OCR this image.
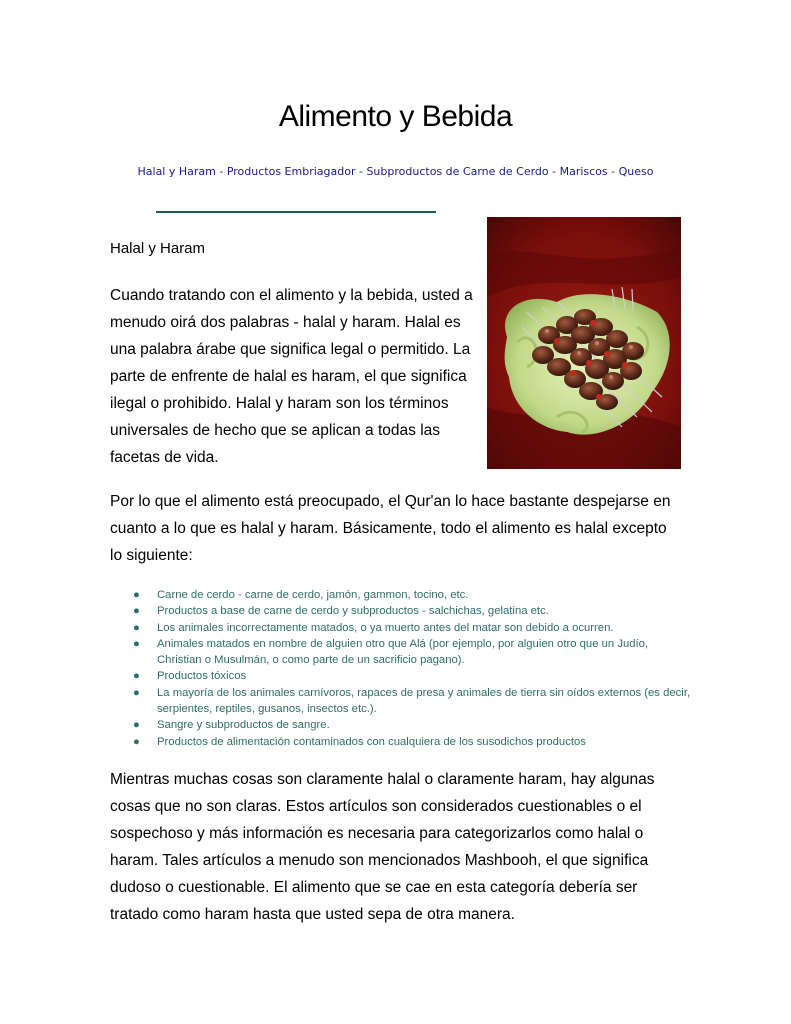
Alimento y Bebida
Halal y Haram - Productos Embriagador - Subproductos de Carne de Cerdo - Mariscos - Queso
Halal y Haram

Cuando tratando con el alimento y la bebida, usted a menudo oirá dos palabras - halal y haram. Halal es una palabra árabe que significa legal o permitido. La parte de enfrente de halal es haram, el que significa ilegal o prohibido. Halal y haram son los términos universales de hecho que se aplican a todas las facetas de vida.

Por lo que el alimento está preocupado, el Qur'an lo hace bastante despejarse en cuanto a lo que es halal y haram. Básicamente, todo el alimento es halal excepto lo siguiente:

● Carne de cerdo - carne de cerdo, jamón, gammon, tocino, etc.
● Productos a base de carne de cerdo y subproductos - salchichas, gelatina etc.
● Los animales incorrectamente matados, o ya muerto antes del matar son debido a ocurren.
● Animales matados en nombre de alguien otro que Alá (por ejemplo, por alguien otro que un Judío, Christian o Musulmán, o como parte de un sacrificio pagano).
● Productos tóxicos
● La mayoría de los animales carnívoros, rapaces de presa y animales de tierra sin oídos externos (es decir, serpientes, reptiles, gusanos, insectos etc.).
● Sangre y subproductos de sangre.
● Productos de alimentación contaminados con cualquiera de los susodichos productos

Mientras muchas cosas son claramente halal o claramente haram, hay algunas cosas que no son claras. Estos artículos son considerados cuestionables o el sospechoso y más información es necesaria para categorizarlos como halal o haram. Tales artículos a menudo son mencionados Mashbooh, el que significa dudoso o cuestionable. El alimento que se cae en esta categoría debería ser tratado como haram hasta que usted sepa de otra manera.
